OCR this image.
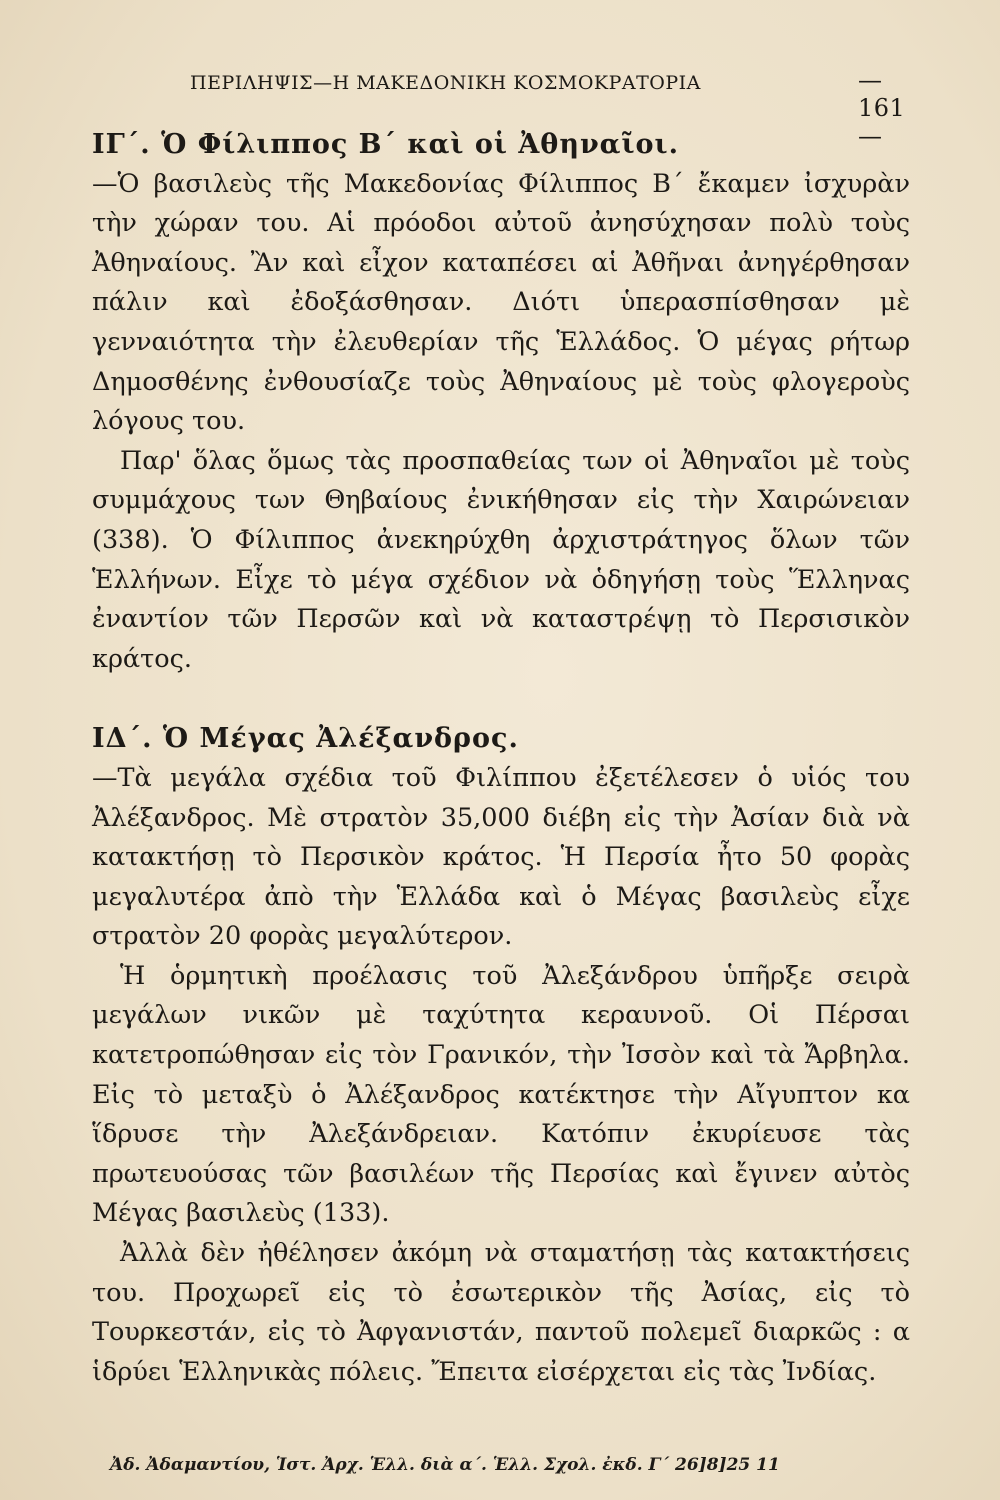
ΠΕΡΙΛΗΨΙΣ—Η ΜΑΚΕΔΟΝΙΚΗ ΚΟΣΜΟΚΡΑΤΟΡΙΑ	— 161 —

ΙΓ΄. Ὁ Φίλιππος Β΄ καὶ οἱ Ἀθηναῖοι.

—Ὁ βασιλεὺς τῆς Μακεδονίας Φίλιππος Β΄ ἔκαμεν ἰσχυρὰν τὴν χώραν του. Αἱ πρόοδοι αὐτοῦ ἀνησύχησαν πολὺ τοὺς Ἀθηναίους. Ἂν καὶ εἶχον καταπέσει αἱ Ἀθῆναι ἀνηγέρθησαν πάλιν καὶ ἐδοξάσθησαν. Διότι ὑπερασπίσθησαν μὲ γενναιότητα τὴν ἐλευθερίαν τῆς Ἑλλάδος. Ὁ μέγας ρήτωρ Δημοσθένης ἐνθουσίαζε τοὺς Ἀθηναίους μὲ τοὺς φλογεροὺς λόγους του.

Παρ' ὅλας ὅμως τὰς προσπαθείας των οἱ Ἀθηναῖοι μὲ τοὺς συμμάχους των Θηβαίους ἐνικήθησαν εἰς τὴν Χαιρώνειαν (338). Ὁ Φίλιππος ἀνεκηρύχθη ἀρχιστράτηγος ὅλων τῶν Ἑλλήνων. Εἶχε τὸ μέγα σχέδιον νὰ ὁδηγήσῃ τοὺς Ἕλληνας ἐναντίον τῶν Περσῶν καὶ νὰ καταστρέψῃ τὸ Περσισικὸν κράτος.

ΙΔ΄. Ὁ Μέγας Ἀλέξανδρος.

—Τὰ μεγάλα σχέδια τοῦ Φιλίππου ἐξετέλεσεν ὁ υἱός του Ἀλέξανδρος. Μὲ στρατὸν 35,000 διέβη εἰς τὴν Ἀσίαν διὰ νὰ κατακτήσῃ τὸ Περσικὸν κράτος. Ἡ Περσία ἦτο 50 φορὰς μεγαλυτέρα ἀπὸ τὴν Ἑλλάδα καὶ ὁ Μέγας βασιλεὺς εἶχε στρατὸν 20 φορὰς μεγαλύτερον.

Ἡ ὁρμητικὴ προέλασις τοῦ Ἀλεξάνδρου ὑπῆρξε σειρὰ μεγάλων νικῶν μὲ ταχύτητα κεραυνοῦ. Οἱ Πέρσαι κατετροπώθησαν εἰς τὸν Γρανικόν, τὴν Ἰσσὸν καὶ τὰ Ἄρβηλα. Εἰς τὸ μεταξὺ ὁ Ἀλέξανδρος κατέκτησε τὴν Αἴγυπτον κα ἵδρυσε τὴν Ἀλεξάνδρειαν. Κατόπιν ἐκυρίευσε τὰς πρωτευούσας τῶν βασιλέων τῆς Περσίας καὶ ἔγινεν αὐτὸς Μέγας βασιλεὺς (133).

Ἀλλὰ δὲν ἠθέλησεν ἀκόμη νὰ σταματήσῃ τὰς κατακτήσεις του. Προχωρεῖ εἰς τὸ ἐσωτερικὸν τῆς Ἀσίας, εἰς τὸ Τουρκεστάν, εἰς τὸ Ἀφγανιστάν, παντοῦ πολεμεῖ διαρκῶς : α ἱδρύει Ἑλληνικὰς πόλεις. Ἔπειτα εἰσέρχεται εἰς τὰς Ἰνδίας.

Ἀδ. Ἀδαμαντίου, Ἱστ. Ἀρχ. Ἑλλ. διὰ α΄. Ἑλλ. Σχολ. ἐκδ. Γ΄ 26]8]25 11
